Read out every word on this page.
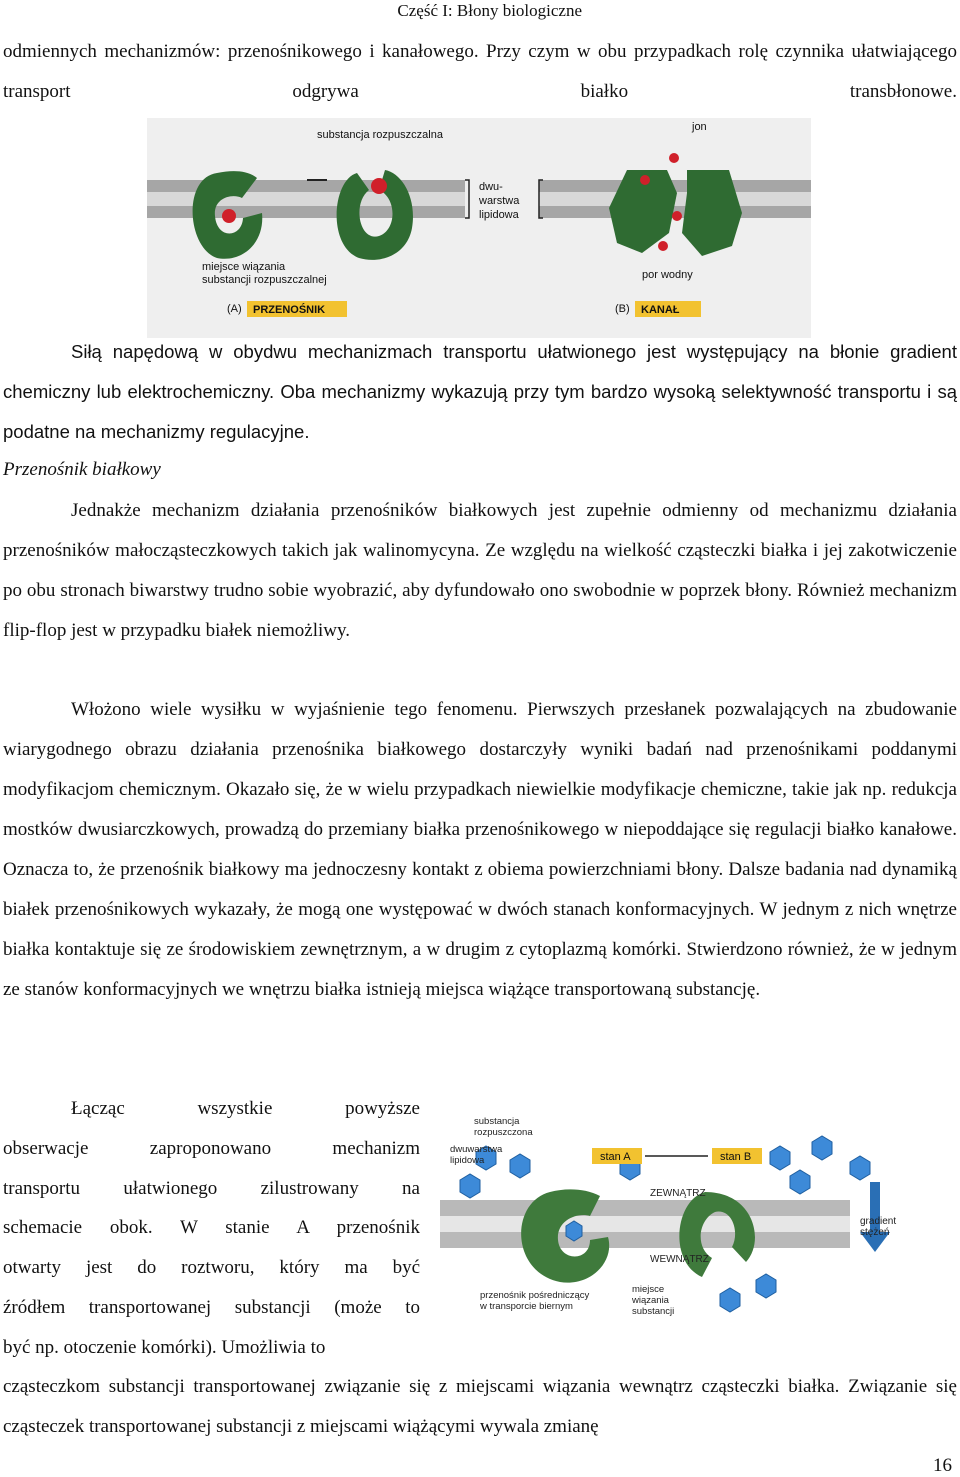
Część I: Błony biologiczne
odmiennych mechanizmów: przenośnikowego i kanałowego. Przy czym w obu przypadkach rolę czynnika ułatwiającego transport odgrywa białko transbłonowe.
substancja rozpuszczalna
jon
dwu- warstwa lipidowa
miejsce wiązania substancji rozpuszczalnej	por wodny
(A) PRZENOŚNIK	(B) KANAŁ
Siłą napędową w obydwu mechanizmach transportu ułatwionego jest występujący na błonie gradient chemiczny lub elektrochemiczny. Oba mechanizmy wykazują przy tym bardzo wysoką selektywność transportu i są podatne na mechanizmy regulacyjne.
Przenośnik białkowy
Jednakże mechanizm działania przenośników białkowych jest zupełnie odmienny od mechanizmu działania przenośników małocząsteczkowych takich jak walinomycyna. Ze względu na wielkość cząsteczki białka i jej zakotwiczenie po obu stronach biwarstwy trudno sobie wyobrazić, aby dyfundowało ono swobodnie w poprzek błony. Również mechanizm flip-flop jest w przypadku białek niemożliwy.
Włożono wiele wysiłku w wyjaśnienie tego fenomenu. Pierwszych przesłanek pozwalających na zbudowanie wiarygodnego obrazu działania przenośnika białkowego dostarczyły wyniki badań nad przenośnikami poddanymi modyfikacjom chemicznym. Okazało się, że w wielu przypadkach niewielkie modyfikacje chemiczne, takie jak np. redukcja mostków dwusiarczkowych, prowadzą do przemiany białka przenośnikowego w niepoddające się regulacji białko kanałowe. Oznacza to, że przenośnik białkowy ma jednoczesny kontakt z obiema powierzchniami błony. Dalsze badania nad dynamiką białek przenośnikowych wykazały, że mogą one występować w dwóch stanach konformacyjnych. W jednym z nich wnętrze białka kontaktuje się ze środowiskiem zewnętrznym, a w drugim z cytoplazmą komórki. Stwierdzono również, że w jednym ze stanów konformacyjnych we wnętrzu białka istnieją miejsca wiążące transportowaną substancję.
Łącząc wszystkie powyższe
obserwacje zaproponowano mechanizm
transportu ułatwionego zilustrowany na
schemacie obok. W stanie A przenośnik
otwarty jest do roztworu, który ma być
źródłem transportowanej substancji (może to
być np. otoczenie komórki). Umożliwia to
substancja rozpuszczona
dwuwarstwa lipidowa	stan A	stan B
ZEWNĄTRZ
WEWNĄTRZ
gradient stężeń
przenośnik pośredniczący w transporcie biernym
miejsce wiązania substancji
cząsteczkom substancji transportowanej związanie się z miejscami wiązania wewnątrz cząsteczki białka. Związanie się cząsteczek transportowanej substancji z miejscami wiążącymi wywala zmianę
16
